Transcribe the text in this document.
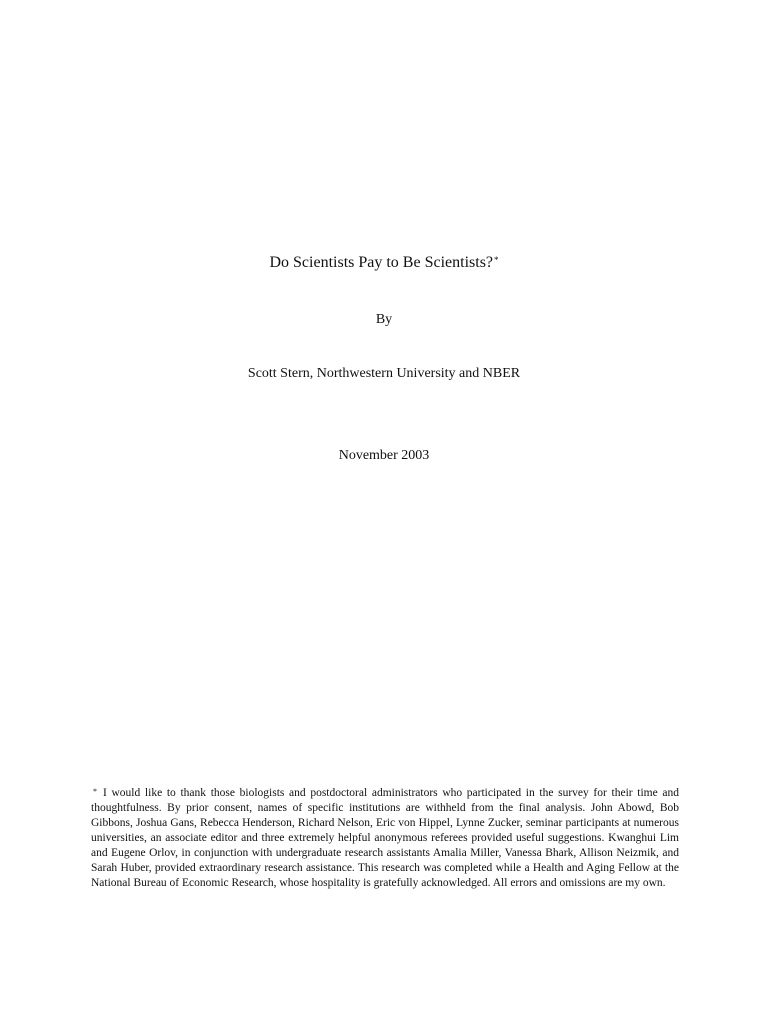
Do Scientists Pay to Be Scientists?*
By
Scott Stern, Northwestern University and NBER
November 2003
* I would like to thank those biologists and postdoctoral administrators who participated in the survey for their time and thoughtfulness. By prior consent, names of specific institutions are withheld from the final analysis. John Abowd, Bob Gibbons, Joshua Gans, Rebecca Henderson, Richard Nelson, Eric von Hippel, Lynne Zucker, seminar participants at numerous universities, an associate editor and three extremely helpful anonymous referees provided useful suggestions. Kwanghui Lim and Eugene Orlov, in conjunction with undergraduate research assistants Amalia Miller, Vanessa Bhark, Allison Neizmik, and Sarah Huber, provided extraordinary research assistance. This research was completed while a Health and Aging Fellow at the National Bureau of Economic Research, whose hospitality is gratefully acknowledged. All errors and omissions are my own.
